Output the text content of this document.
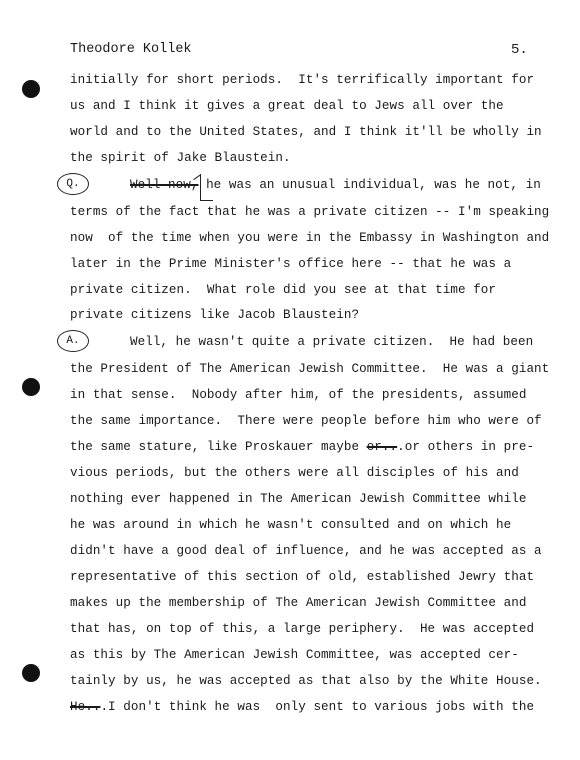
Theodore Kollek	5.
initially for short periods.  It's terrifically important for
us and I think it gives a great deal to Jews all over the
world and to the United States, and I think it'll be wholly in
the spirit of Jake Blaustein.
Q.	Well now, he was an unusual individual, was he not, in
terms of the fact that he was a private citizen -- I'm speaking
now  of the time when you were in the Embassy in Washington and
later in the Prime Minister's office here -- that he was a
private citizen.  What role did you see at that time for
private citizens like Jacob Blaustein?
A.	Well, he wasn't quite a private citizen.  He had been
the President of The American Jewish Committee.  He was a giant
in that sense.  Nobody after him, of the presidents, assumed
the same importance.  There were people before him who were of
the same stature, like Proskauer maybe or...or others in pre-
vious periods, but the others were all disciples of his and
nothing ever happened in The American Jewish Committee while
he was around in which he wasn't consulted and on which he
didn't have a good deal of influence, and he was accepted as a
representative of this section of old, established Jewry that
makes up the membership of The American Jewish Committee and
that has, on top of this, a large periphery.  He was accepted
as this by The American Jewish Committee, was accepted cer-
tainly by us, he was accepted as that also by the White House.
He...I don't think he was  only sent to various jobs with the
